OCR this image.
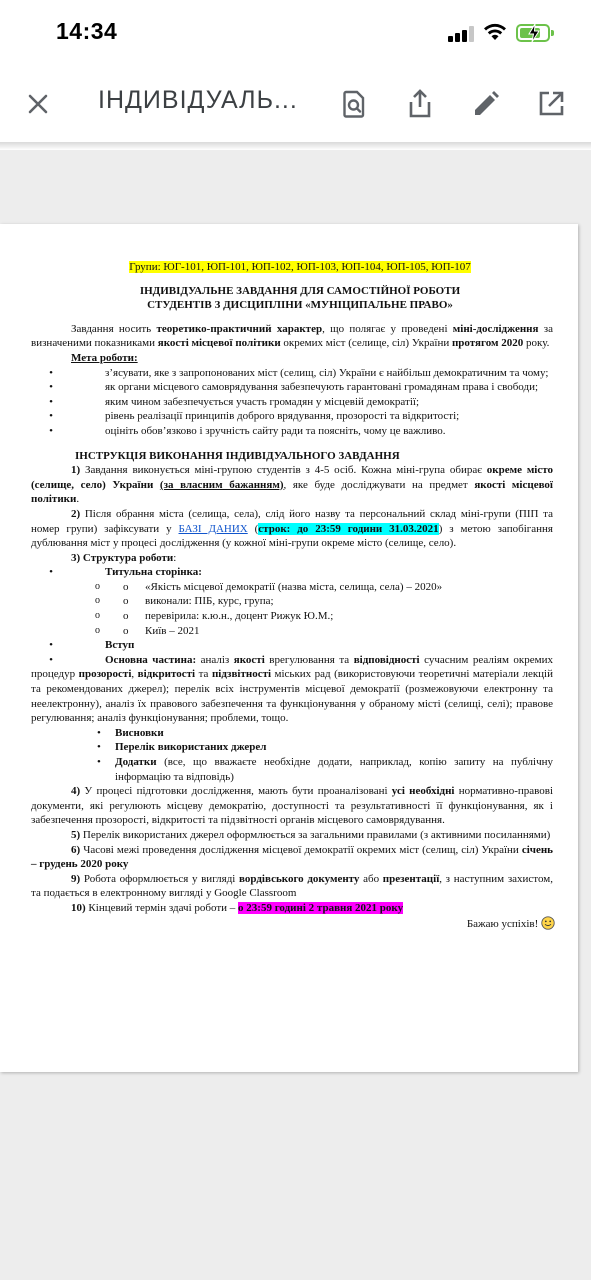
14:34
ІНДИВІДУАЛЬ...

Групи: ЮГ-101, ЮП-101, ЮП-102, ЮП-103, ЮП-104, ЮП-105, ЮП-107

ІНДИВІДУАЛЬНЕ ЗАВДАННЯ ДЛЯ САМОСТІЙНОЇ РОБОТИ

СТУДЕНТІВ З ДИСЦИПЛІНИ «МУНІЦИПАЛЬНЕ ПРАВО»

Завдання носить теоретико-практичний характер, що полягає у проведені міні-дослідження за визначеними показниками якості місцевої політики окремих міст (селище, сіл) України протягом 2020 року.

Мета роботи:

•	з’ясувати, яке з запропонованих міст (селищ, сіл) України є найбільш демократичним та чому;

•	як органи місцевого самоврядування забезпечують гарантовані громадянам права і свободи;

•	яким чином забезпечується участь громадян у місцевій демократії;

•	рівень реалізації принципів доброго врядування, прозорості та відкритості;

•	оцініть обов’язково і зручність сайту ради та поясніть, чому це важливо.

ІНСТРУКЦІЯ ВИКОНАННЯ ІНДИВІДУАЛЬНОГО ЗАВДАННЯ

1) Завдання виконується міні-групою студентів з 4-5 осіб. Кожна міні-група обирає окреме місто (селище, село) України (за власним бажанням), яке буде досліджувати на предмет якості місцевої політики.

2) Після обрання міста (селища, села), слід його назву та персональний склад міні-групи (ПІП та номер групи) зафіксувати у БАЗІ ДАНИХ (строк: до 23:59 години 31.03.2021) з метою запобігання дублювання міст у процесі дослідження (у кожної міні-групи окреме місто (селище, село).

3) Структура роботи:

•	Титульна сторінка:

o o «Якість місцевої демократії (назва міста, селища, села) – 2020»

o o виконали: ПІБ, курс, група;

o o перевірила: к.ю.н., доцент Рижук Ю.М.;

o o Київ – 2021

•	Вступ

•	Основна частина: аналіз якості врегулювання та відповідності сучасним реаліям окремих процедур прозорості, відкритості та підзвітності міських рад (використовуючи теоретичні матеріали лекцій та рекомендованих джерел); перелік всіх інструментів місцевої демократії (розмежовуючи електронну та неелектронну), аналіз їх правового забезпечення та функціонування у обраному місті (селищі, селі); правове регулювання; аналіз функціонування; проблеми, тощо.

• Висновки

• Перелік використаних джерел

• Додатки (все, що вважаєте необхідне додати, наприклад, копію запиту на публічну інформацію та відповідь)

4) У процесі підготовки дослідження, мають бути проаналізовані усі необхідні нормативно-правові документи, які регулюють місцеву демократію, доступності та результативності її функціонування, як і забезпечення прозорості, відкритості та підзвітності органів місцевого самоврядування.

5) Перелік використаних джерел оформлюється за загальними правилами (з активними посиланнями)

6) Часові межі проведення дослідження місцевої демократії окремих міст (селищ, сіл) України січень – грудень 2020 року

9) Робота оформлюється у вигляді вордівського документу або презентації, з наступним захистом, та подається в електронному вигляді у Google Classroom

10) Кінцевий термін здачі роботи – о 23:59 годині 2 травня 2021 року

Бажаю успіхів!
